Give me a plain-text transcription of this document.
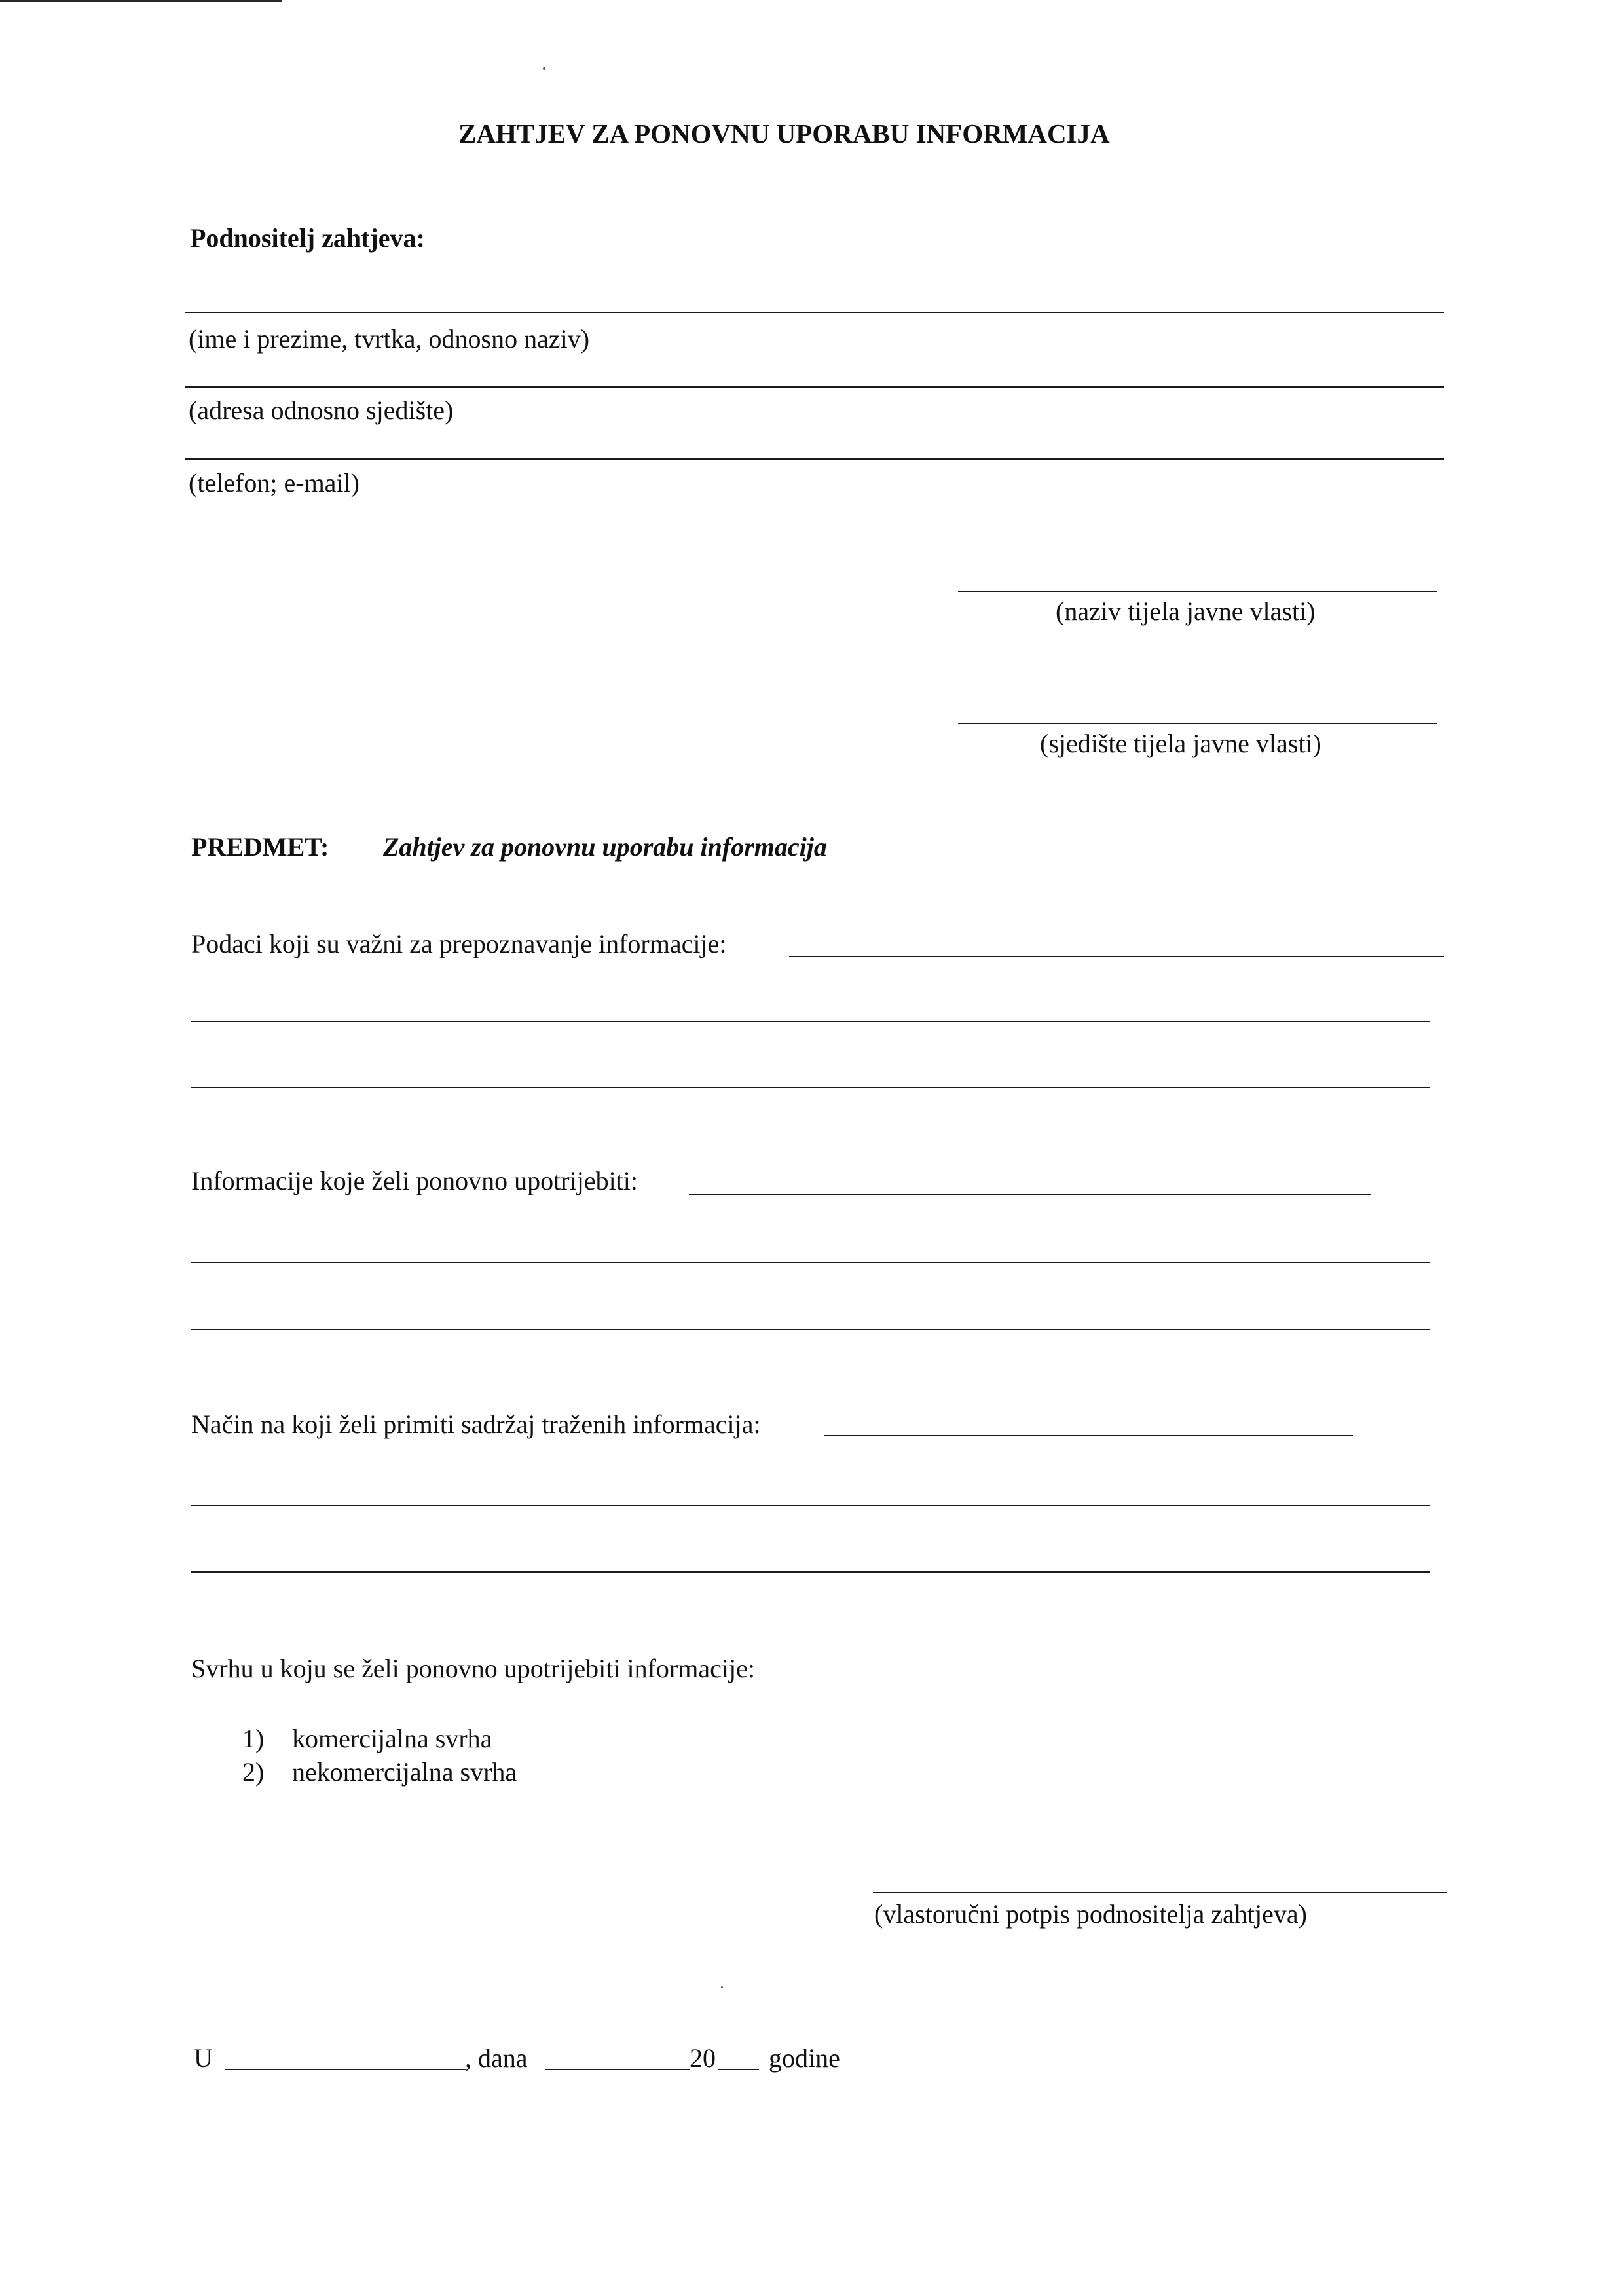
ZAHTJEV ZA PONOVNU UPORABU INFORMACIJA
Podnositelj zahtjeva:
(ime i prezime, tvrtka, odnosno naziv)
(adresa odnosno sjedište)
(telefon; e-mail)
(naziv tijela javne vlasti)
(sjedište tijela javne vlasti)
PREDMET: Zahtjev za ponovnu uporabu informacija
Podaci koji su važni za prepoznavanje informacije:
Informacije koje želi ponovno upotrijebiti:
Način na koji želi primiti sadržaj traženih informacija:
Svrhu u koju se želi ponovno upotrijebiti informacije:
1) komercijalna svrha
2) nekomercijalna svrha
(vlastoručni potpis podnositelja zahtjeva)
U	, dana	20 godine
